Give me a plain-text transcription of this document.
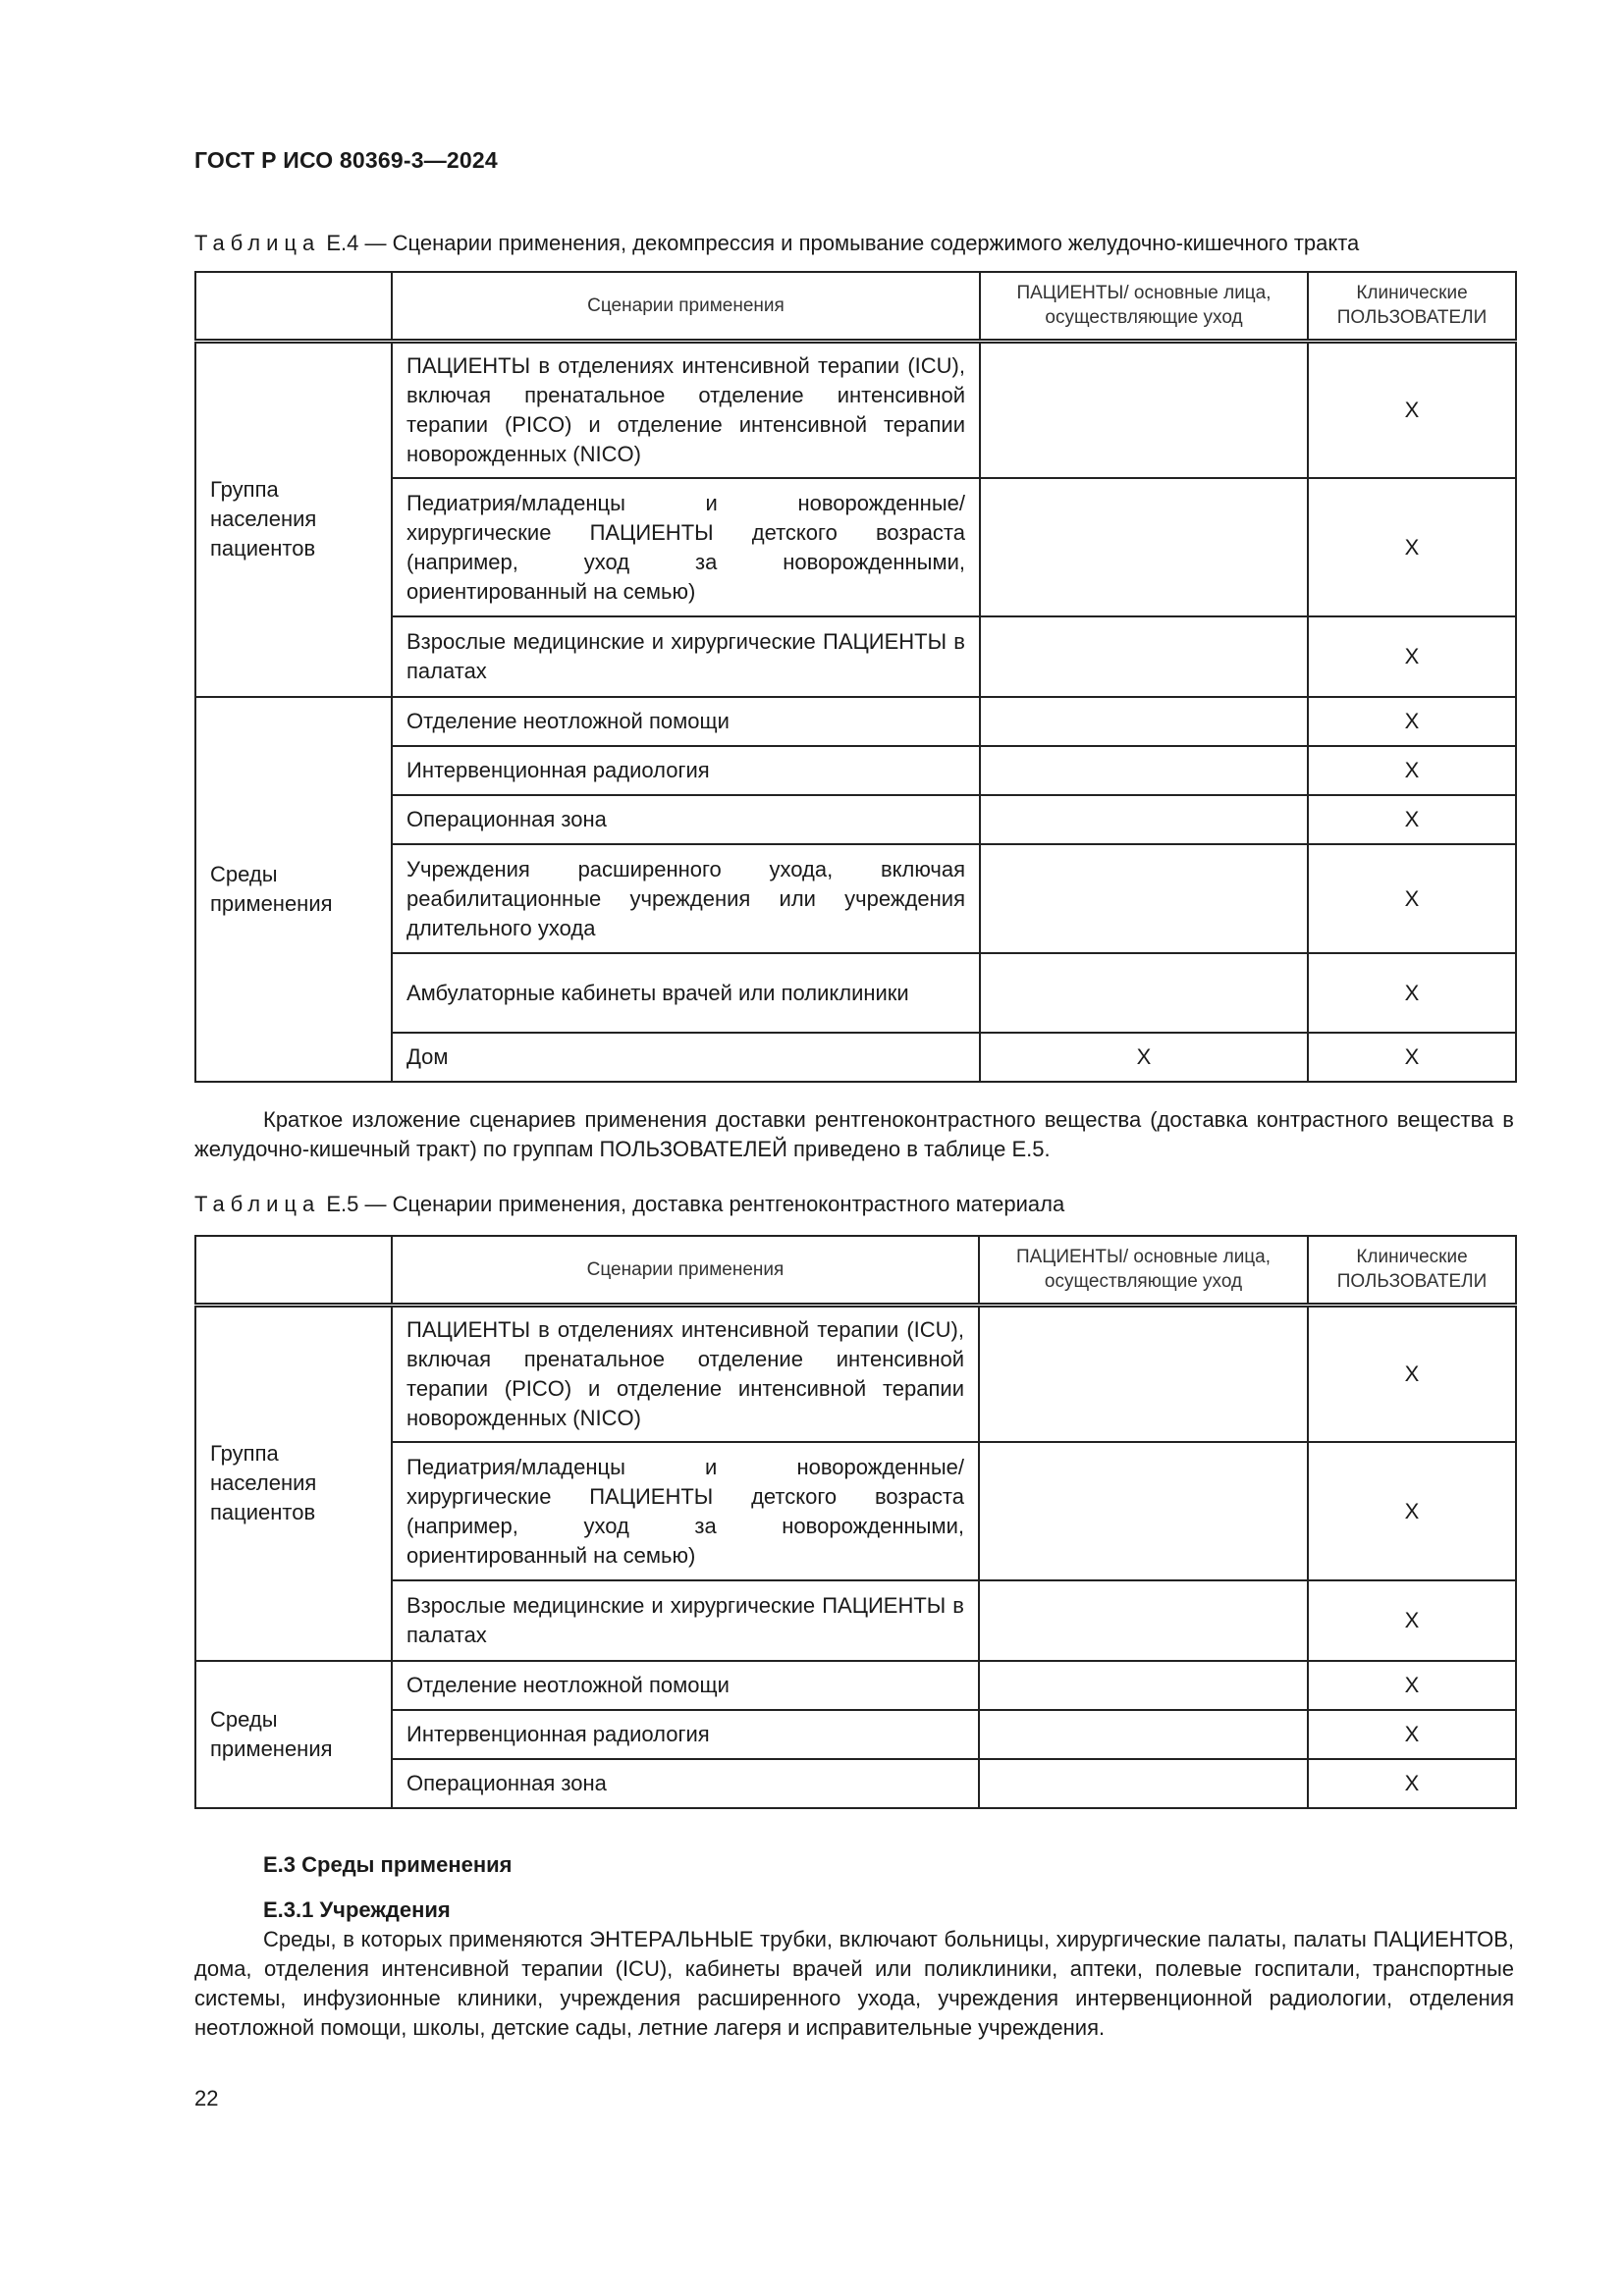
ГОСТ Р ИСО 80369-3—2024
Таблица Е.4 — Сценарии применения, декомпрессия и промывание содержимого желудочно-кишечного тракта
	Сценарии применения	ПАЦИЕНТЫ/ основные лица, осуществляющие уход	Клинические ПОЛЬЗОВАТЕЛИ
Группа населения пациентов	ПАЦИЕНТЫ в отделениях интенсивной терапии (ICU), включая пренатальное отделение интенсивной терапии (PICO) и отделение интенсивной терапии новорожденных (NICO)		X
	Педиатрия/младенцы и новорожденные/ хирургические ПАЦИЕНТЫ детского возраста (например, уход за новорожденными, ориентированный на семью)		X
	Взрослые медицинские и хирургические ПАЦИЕНТЫ в палатах		X
Среды применения	Отделение неотложной помощи		X
	Интервенционная радиология		X
	Операционная зона		X
	Учреждения расширенного ухода, включая реабилитационные учреждения или учреждения длительного ухода		X
	Амбулаторные кабинеты врачей или поликлиники		X
	Дом	X	X
Краткое изложение сценариев применения доставки рентгеноконтрастного вещества (доставка контрастного вещества в желудочно-кишечный тракт) по группам ПОЛЬЗОВАТЕЛЕЙ приведено в таблице Е.5.
Таблица Е.5 — Сценарии применения, доставка рентгеноконтрастного материала
	Сценарии применения	ПАЦИЕНТЫ/ основные лица, осуществляющие уход	Клинические ПОЛЬЗОВАТЕЛИ
Группа населения пациентов	ПАЦИЕНТЫ в отделениях интенсивной терапии (ICU), включая пренатальное отделение интенсивной терапии (PICO) и отделение интенсивной терапии новорожденных (NICO)		X
	Педиатрия/младенцы и новорожденные/ хирургические ПАЦИЕНТЫ детского возраста (например, уход за новорожденными, ориентированный на семью)		X
	Взрослые медицинские и хирургические ПАЦИЕНТЫ в палатах		X
Среды применения	Отделение неотложной помощи		X
	Интервенционная радиология		X
	Операционная зона		X
Е.3 Среды применения
Е.3.1 Учреждения
Среды, в которых применяются ЭНТЕРАЛЬНЫЕ трубки, включают больницы, хирургические палаты, палаты ПАЦИЕНТОВ, дома, отделения интенсивной терапии (ICU), кабинеты врачей или поликлиники, аптеки, полевые госпитали, транспортные системы, инфузионные клиники, учреждения расширенного ухода, учреждения интервенционной радиологии, отделения неотложной помощи, школы, детские сады, летние лагеря и исправительные учреждения.
22
